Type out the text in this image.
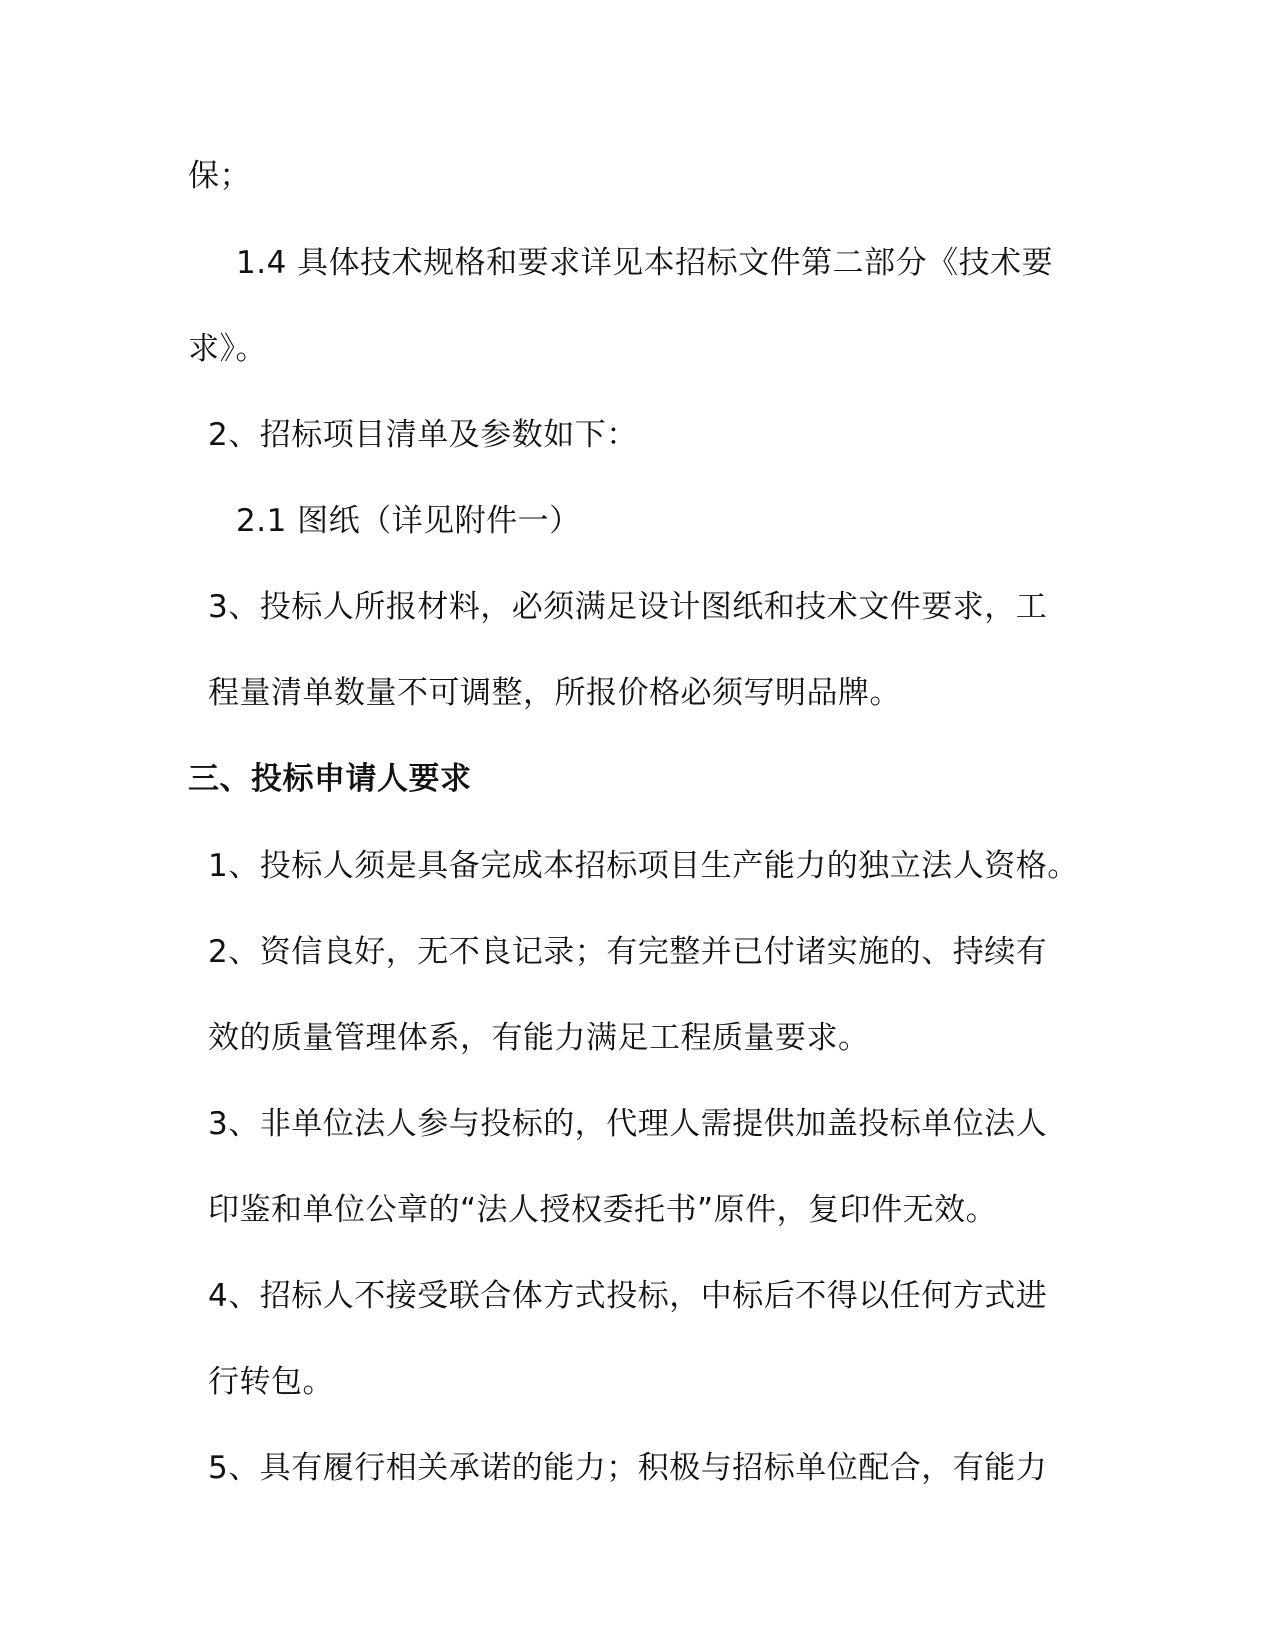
保；
1.4 具体技术规格和要求详见本招标文件第二部分《技术要
求》。
2、招标项目清单及参数如下：
2.1 图纸（详见附件一）
3、投标人所报材料，必须满足设计图纸和技术文件要求，工
程量清单数量不可调整，所报价格必须写明品牌。
三、投标申请人要求
1、投标人须是具备完成本招标项目生产能力的独立法人资格。
2、资信良好，无不良记录；有完整并已付诸实施的、持续有
效的质量管理体系，有能力满足工程质量要求。
3、非单位法人参与投标的，代理人需提供加盖投标单位法人
印鉴和单位公章的“法人授权委托书”原件，复印件无效。
4、招标人不接受联合体方式投标，中标后不得以任何方式进
行转包。
5、具有履行相关承诺的能力；积极与招标单位配合，有能力
